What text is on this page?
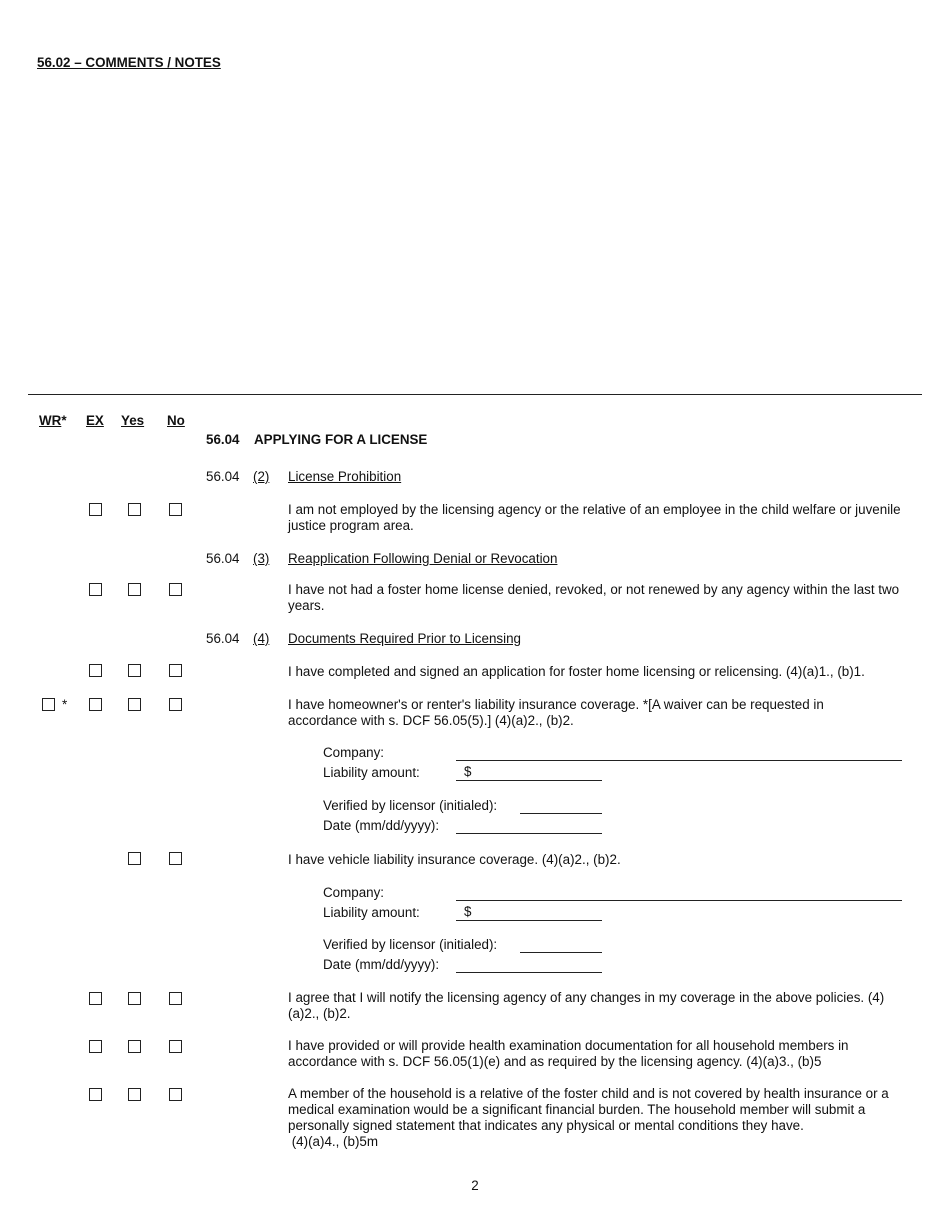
56.02 – COMMENTS / NOTES
WR* EX Yes No
56.04 APPLYING FOR A LICENSE
56.04 (2) License Prohibition
I am not employed by the licensing agency or the relative of an employee in the child welfare or juvenile justice program area.
56.04 (3) Reapplication Following Denial or Revocation
I have not had a foster home license denied, revoked, or not renewed by any agency within the last two years.
56.04 (4) Documents Required Prior to Licensing
I have completed and signed an application for foster home licensing or relicensing. (4)(a)1., (b)1.
*	I have homeowner's or renter's liability insurance coverage. *[A waiver can be requested in accordance with s. DCF 56.05(5).] (4)(a)2., (b)2.
Company:
Liability amount:	$
Verified by licensor (initialed):
Date (mm/dd/yyyy):
I have vehicle liability insurance coverage. (4)(a)2., (b)2.
Company:
Liability amount:	$
Verified by licensor (initialed):
Date (mm/dd/yyyy):
I agree that I will notify the licensing agency of any changes in my coverage in the above policies. (4)(a)2., (b)2.
I have provided or will provide health examination documentation for all household members in accordance with s. DCF 56.05(1)(e) and as required by the licensing agency. (4)(a)3., (b)5
A member of the household is a relative of the foster child and is not covered by health insurance or a medical examination would be a significant financial burden. The household member will submit a personally signed statement that indicates any physical or mental conditions they have.
(4)(a)4., (b)5m
2
